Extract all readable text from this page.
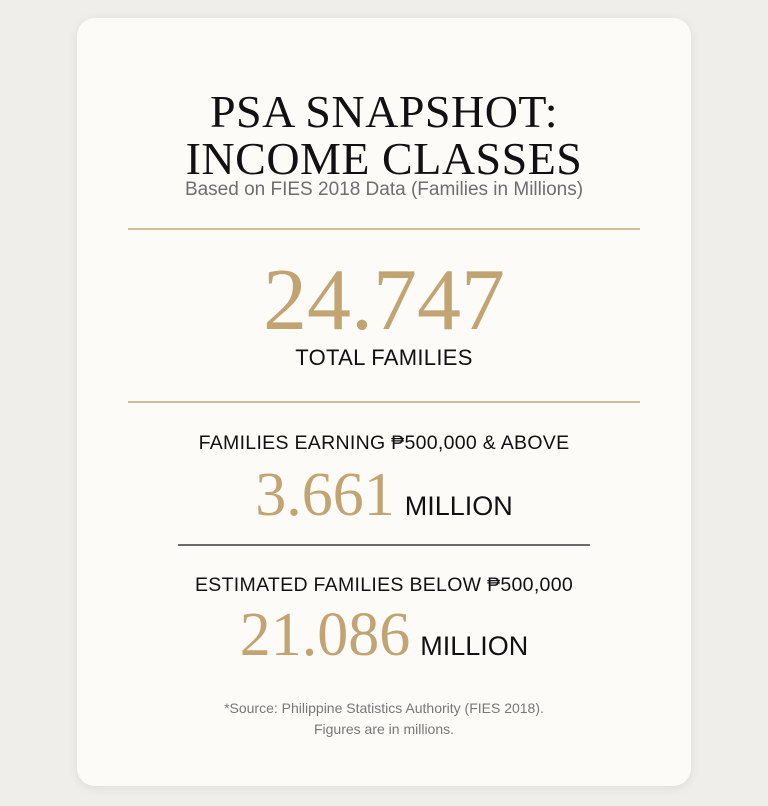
PSA SNAPSHOT:
INCOME CLASSES
Based on FIES 2018 Data (Families in Millions)
24.747
TOTAL FAMILIES
FAMILIES EARNING ₱500,000 & ABOVE
3.661 MILLION
ESTIMATED FAMILIES BELOW ₱500,000
21.086 MILLION
*Source: Philippine Statistics Authority (FIES 2018).
Figures are in millions.
